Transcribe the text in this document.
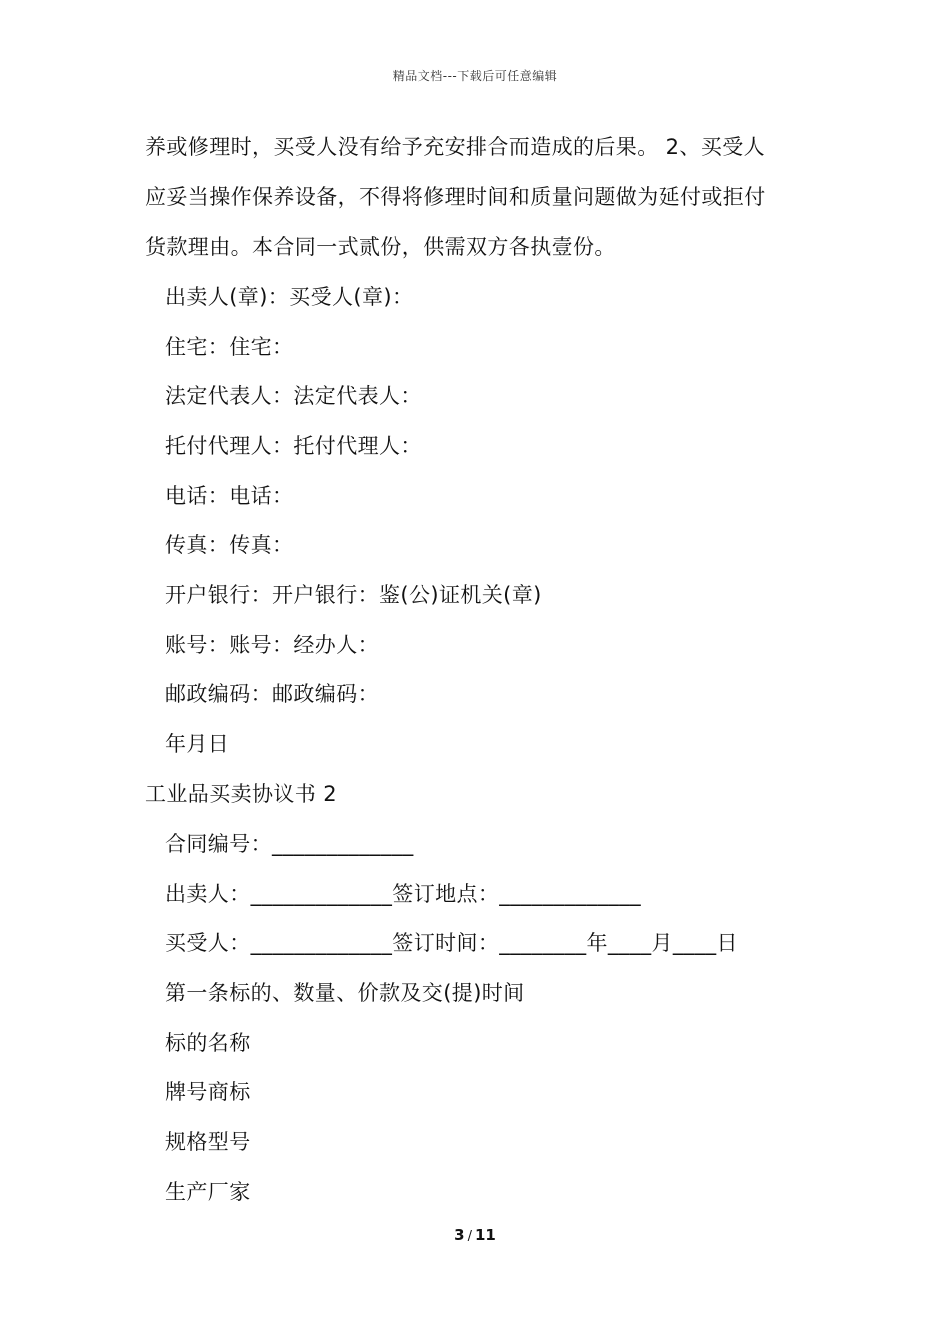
精品文档---下载后可任意编辑
养或修理时，买受人没有给予充安排合而造成的后果。 2、买受人
应妥当操作保养设备，不得将修理时间和质量问题做为延付或拒付
货款理由。本合同一式贰份，供需双方各执壹份。
出卖人(章)：买受人(章)：
住宅：住宅：
法定代表人：法定代表人：
托付代理人：托付代理人：
电话：电话：
传真：传真：
开户银行：开户银行：鉴(公)证机关(章)
账号：账号：经办人：
邮政编码：邮政编码：
年月日
工业品买卖协议书 2
合同编号：_____________
出卖人：_____________签订地点：_____________
买受人：_____________签订时间：________年____月____日
第一条标的、数量、价款及交(提)时间
标的名称
牌号商标
规格型号
生产厂家
3 / 11
